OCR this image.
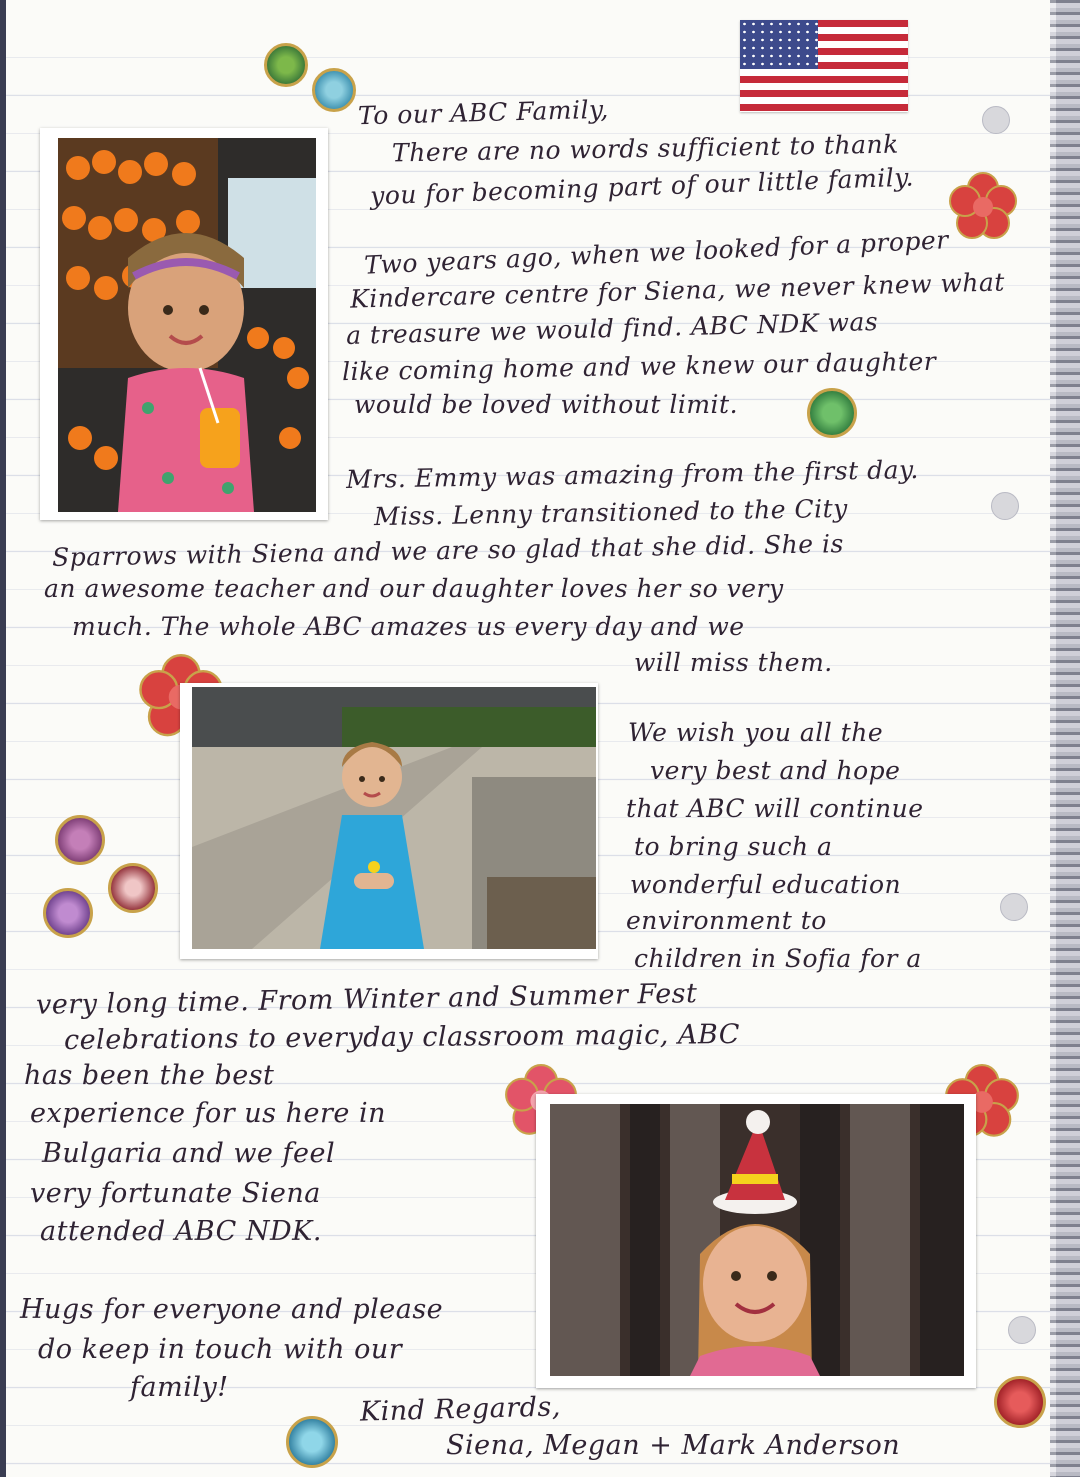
To our ABC Family,
There are no words sufficient to thank
you for becoming part of our little family.
Two years ago, when we looked for a proper
Kindercare centre for Siena, we never knew what
a treasure we would find. ABC NDK was
like coming home and we knew our daughter
would be loved without limit.
Mrs. Emmy was amazing from the first day.
Miss. Lenny transitioned to the City
Sparrows with Siena and we are so glad that she did. She is
an awesome teacher and our daughter loves her so very
much. The whole ABC amazes us every day and we
will miss them.
We wish you all the
very best and hope
that ABC will continue
to bring such a
wonderful education
environment to
children in Sofia for a
very long time. From Winter and Summer Fest
celebrations to everyday classroom magic, ABC
has been the best
experience for us here in
Bulgaria and we feel
very fortunate Siena
attended ABC NDK.
Hugs for everyone and please
do keep in touch with our
family!
Kind Regards,
Siena, Megan + Mark Anderson
